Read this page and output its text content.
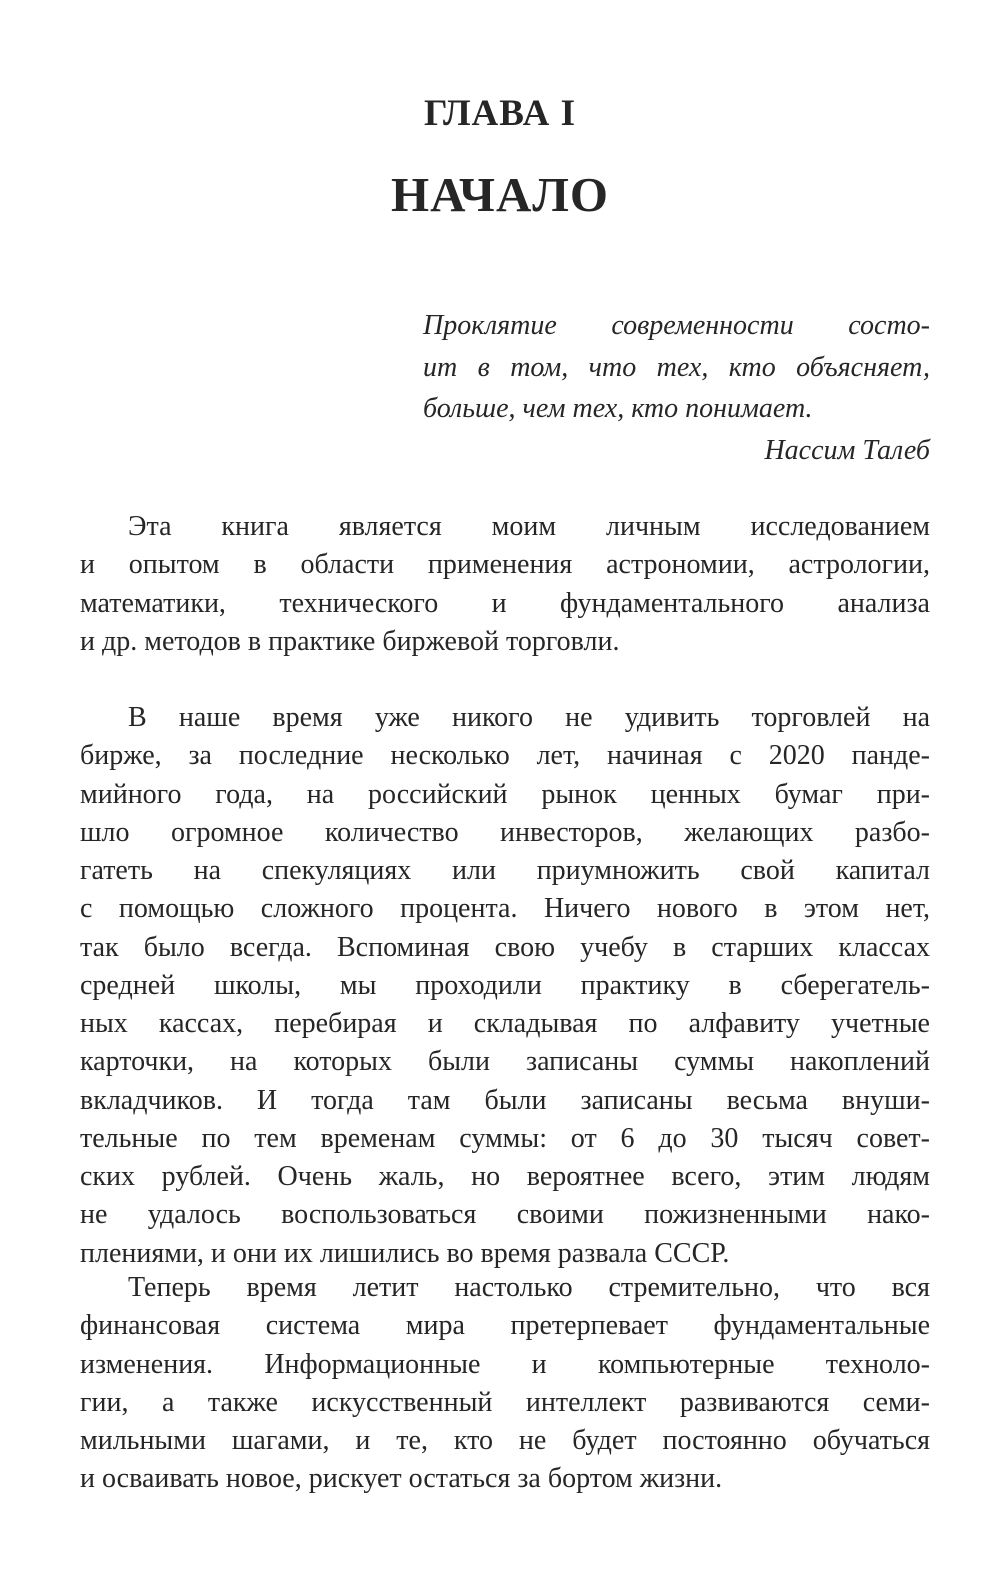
ГЛАВА I
НАЧАЛО
Проклятие современности состо-
ит в том, что тех, кто объясняет,
больше, чем тех, кто понимает.
Нассим Талеб
Эта книга является моим личным исследованием
и опытом в области применения астрономии, астрологии,
математики, технического и фундаментального анализа
и др. методов в практике биржевой торговли.
В наше время уже никого не удивить торговлей на
бирже, за последние несколько лет, начиная с 2020 панде-
мийного года, на российский рынок ценных бумаг при-
шло огромное количество инвесторов, желающих разбо-
гатеть на спекуляциях или приумножить свой капитал
с помощью сложного процента. Ничего нового в этом нет,
так было всегда. Вспоминая свою учебу в старших классах
средней школы, мы проходили практику в сберегатель-
ных кассах, перебирая и складывая по алфавиту учетные
карточки, на которых были записаны суммы накоплений
вкладчиков. И тогда там были записаны весьма внуши-
тельные по тем временам суммы: от 6 до 30 тысяч совет-
ских рублей. Очень жаль, но вероятнее всего, этим людям
не удалось воспользоваться своими пожизненными нако-
плениями, и они их лишились во время развала СССР.
Теперь время летит настолько стремительно, что вся
финансовая система мира претерпевает фундаментальные
изменения. Информационные и компьютерные техноло-
гии, а также искусственный интеллект развиваются семи-
мильными шагами, и те, кто не будет постоянно обучаться
и осваивать новое, рискует остаться за бортом жизни.
